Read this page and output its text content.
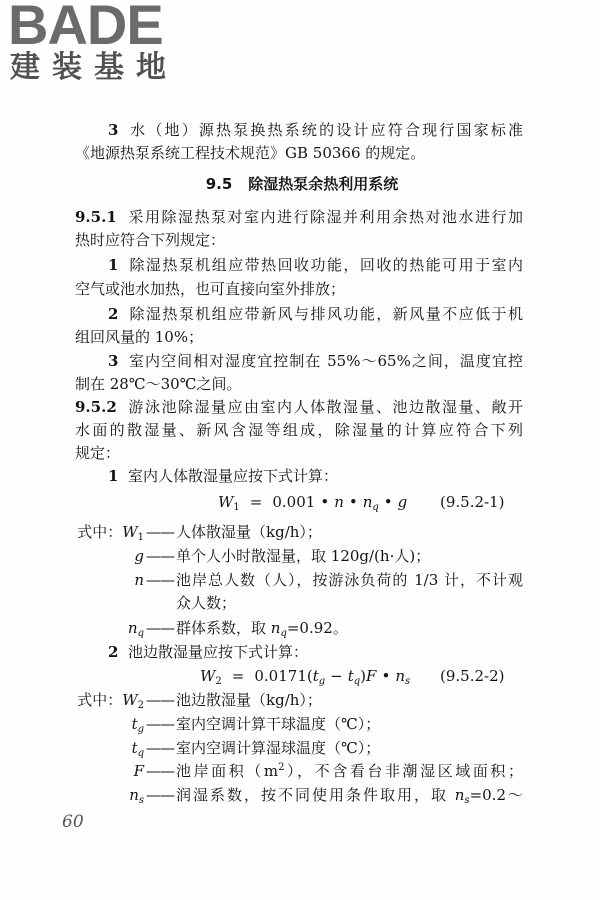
BADE
建装基地
3 水（地）源热泵换热系统的设计应符合现行国家标准
《地源热泵系统工程技术规范》GB 50366 的规定。
9.5 除湿热泵余热利用系统
9.5.1 采用除湿热泵对室内进行除湿并利用余热对池水进行加
热时应符合下列规定：
1 除湿热泵机组应带热回收功能，回收的热能可用于室内
空气或池水加热，也可直接向室外排放；
2 除湿热泵机组应带新风与排风功能，新风量不应低于机
组回风量的 10%；
3 室内空间相对湿度宜控制在 55%～65%之间，温度宜控
制在 28℃～30℃之间。
9.5.2 游泳池除湿量应由室内人体散湿量、池边散湿量、敞开
水面的散湿量、新风含湿等组成，除湿量的计算应符合下列
规定：
1 室内人体散湿量应按下式计算：
$W_1 = 0.001$ • n • $n_q$ • g (9.5.2-1)
式中：$W_1$ —— 人体散湿量（kg/h）；
g —— 单个人小时散湿量，取 120g/(h·人)；
n —— 池岸总人数（人），按游泳负荷的 1/3 计，不计观
众人数；
$n_q$ —— 群体系数，取 $n_q=0.92$。
2 池边散湿量应按下式计算：
$W_2 = 0.0171(t_g - t_q)F$ • $n_s$ (9.5.2-2)
式中：$W_2$ —— 池边散湿量（kg/h）；
$t_g$ —— 室内空调计算干球温度（℃）；
$t_q$ —— 室内空调计算湿球温度（℃）；
F —— 池岸面积$(m^2)$，不含看台非潮湿区域面积；
$n_s$ —— 润湿系数，按不同使用条件取用，取 $n_s=0.2\sim$
60
